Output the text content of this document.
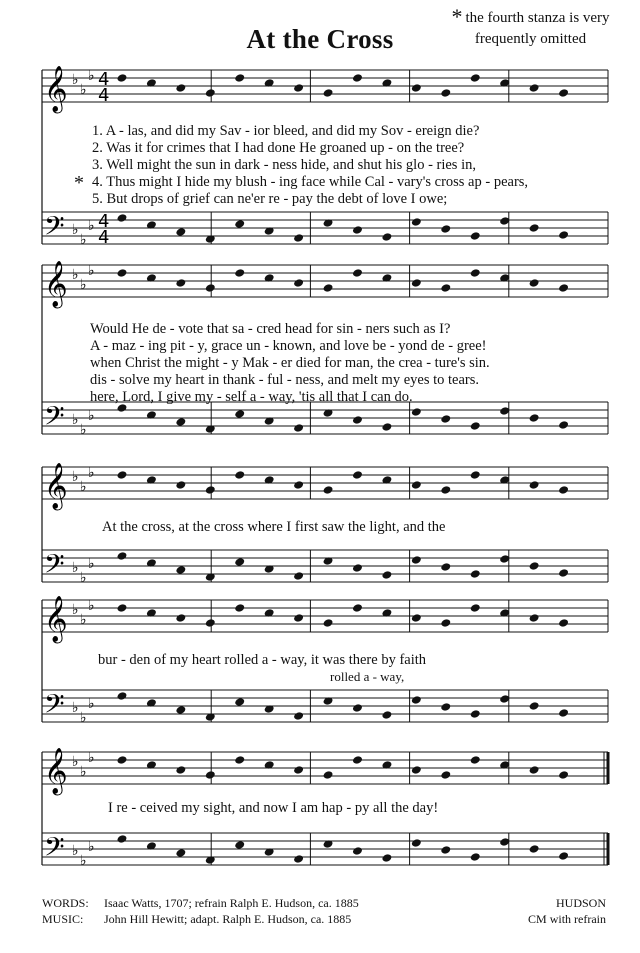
At the Cross
* the fourth stanza is very frequently omitted
𝄞
𝄢
♭
♭
♭
♭
♭
♭
𝄞
𝄢
♭
♭
♭
♭
♭
♭
𝄞
𝄢
♭
♭
♭
♭
♭
♭
𝄞
𝄢
♭
♭
♭
♭
♭
♭
𝄞
𝄢
♭
♭
♭
♭
♭
♭
4
4
4
4
1. A - las, and did my Sav - ior bleed, and did my Sov - ereign die?
2. Was it for crimes that I had done He groaned up - on the tree?
3. Well might the sun in dark - ness hide, and shut his glo - ries in,
* 4. Thus might I hide my blush - ing face while Cal - vary's cross ap - pears,
5. But drops of grief can ne'er re - pay the debt of love I owe;
Would He de - vote that sa - cred head for sin - ners such as I?
A - maz - ing pit - y, grace un - known, and love be - yond de - gree!
when Christ the might - y Mak - er died for man, the crea - ture's sin.
dis - solve my heart in thank - ful - ness, and melt my eyes to tears.
here, Lord, I give my - self a - way, 'tis all that I can do.
At the cross, at the cross where I first saw the light, and the
bur - den of my heart rolled a - way, it was there by faith
rolled a - way,
I re - ceived my sight, and now I am hap - py all the day!
WORDS: Isaac Watts, 1707; refrain Ralph E. Hudson, ca. 1885
MUSIC: John Hill Hewitt; adapt. Ralph E. Hudson, ca. 1885
HUDSON
CM with refrain
